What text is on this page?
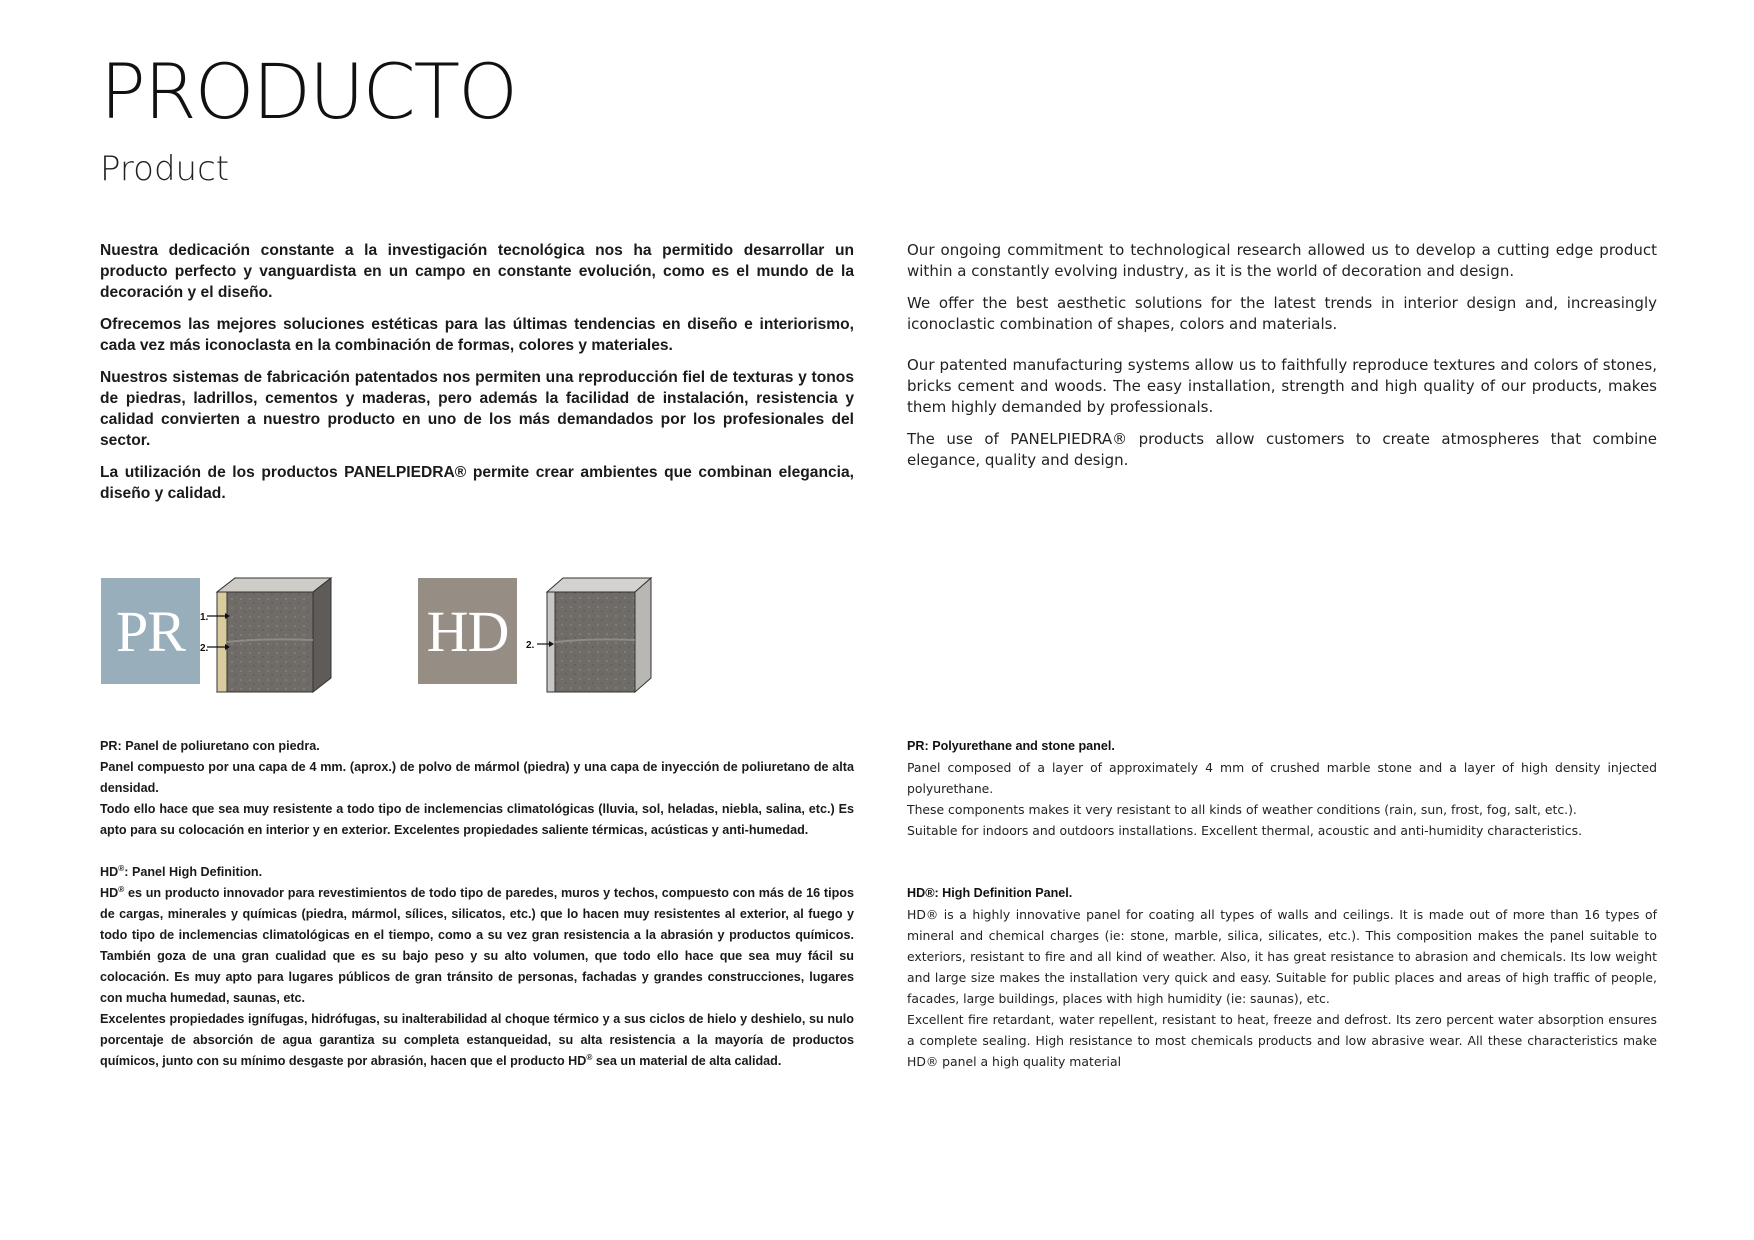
PRODUCTO
Product

Nuestra dedicación constante a la investigación tecnológica nos ha permitido desarrollar un producto perfecto y vanguardista en un campo en constante evolución, como es el mundo de la decoración y el diseño.

Ofrecemos las mejores soluciones estéticas para las últimas tendencias en diseño e interiorismo, cada vez más iconoclasta en la combinación de formas, colores y materiales.

Nuestros sistemas de fabricación patentados nos permiten una reproducción fiel de texturas y tonos de piedras, ladrillos, cementos y maderas, pero además la facilidad de instalación, resistencia y calidad convierten a nuestro producto en uno de los más demandados por los profesionales del sector.

La utilización de los productos PANELPIEDRA® permite crear ambientes que combinan elegancia, diseño y calidad.

Our ongoing commitment to technological research allowed us to develop a cutting edge product within a constantly evolving industry, as it is the world of decoration and design.

We offer the best aesthetic solutions for the latest trends in interior design and, increasingly iconoclastic combination of shapes, colors and materials.

Our patented manufacturing systems allow us to faithfully reproduce textures and colors of stones, bricks cement and woods. The easy installation, strength and high quality of our products, makes them highly demanded by professionals.

The use of PANELPIEDRA® products allow customers to create atmospheres that combine elegance, quality and design.

PR	1.
2.	HD	2.

PR: Panel de poliuretano con piedra.

Panel compuesto por una capa de 4 mm. (aprox.) de polvo de mármol (piedra) y una capa de inyección de poliuretano de alta densidad.

Todo ello hace que sea muy resistente a todo tipo de inclemencias climatológicas (lluvia, sol, heladas, niebla, salina, etc.) Es apto para su colocación en interior y en exterior. Excelentes propiedades saliente térmicas, acústicas y anti-humedad.

HD®: Panel High Definition.

HD® es un producto innovador para revestimientos de todo tipo de paredes, muros y techos, compuesto con más de 16 tipos de cargas, minerales y químicas (piedra, mármol, sílices, silicatos, etc.) que lo hacen muy resistentes al exterior, al fuego y todo tipo de inclemencias climatológicas en el tiempo, como a su vez gran resistencia a la abrasión y productos químicos. También goza de una gran cualidad que es su bajo peso y su alto volumen, que todo ello hace que sea muy fácil su colocación. Es muy apto para lugares públicos de gran tránsito de personas, fachadas y grandes construcciones, lugares con mucha humedad, saunas, etc.

Excelentes propiedades ignífugas, hidrófugas, su inalterabilidad al choque térmico y a sus ciclos de hielo y deshielo, su nulo porcentaje de absorción de agua garantiza su completa estanqueidad, su alta resistencia a la mayoría de productos químicos, junto con su mínimo desgaste por abrasión, hacen que el producto HD® sea un material de alta calidad.

PR: Polyurethane and stone panel.

Panel composed of a layer of approximately 4 mm of crushed marble stone and a layer of high density injected polyurethane.

These components makes it very resistant to all kinds of weather conditions (rain, sun, frost, fog, salt, etc.).

Suitable for indoors and outdoors installations. Excellent thermal, acoustic and anti-humidity characteristics.

HD®: High Definition Panel.

HD® is a highly innovative panel for coating all types of walls and ceilings. It is made out of more than 16 types of mineral and chemical charges (ie: stone, marble, silica, silicates, etc.). This composition makes the panel suitable to exteriors, resistant to fire and all kind of weather. Also, it has great resistance to abrasion and chemicals. Its low weight and large size makes the installation very quick and easy. Suitable for public places and areas of high traffic of people, facades, large buildings, places with high humidity (ie: saunas), etc.

Excellent fire retardant, water repellent, resistant to heat, freeze and defrost. Its zero percent water absorption ensures a complete sealing. High resistance to most chemicals products and low abrasive wear. All these characteristics make HD® panel a high quality material
